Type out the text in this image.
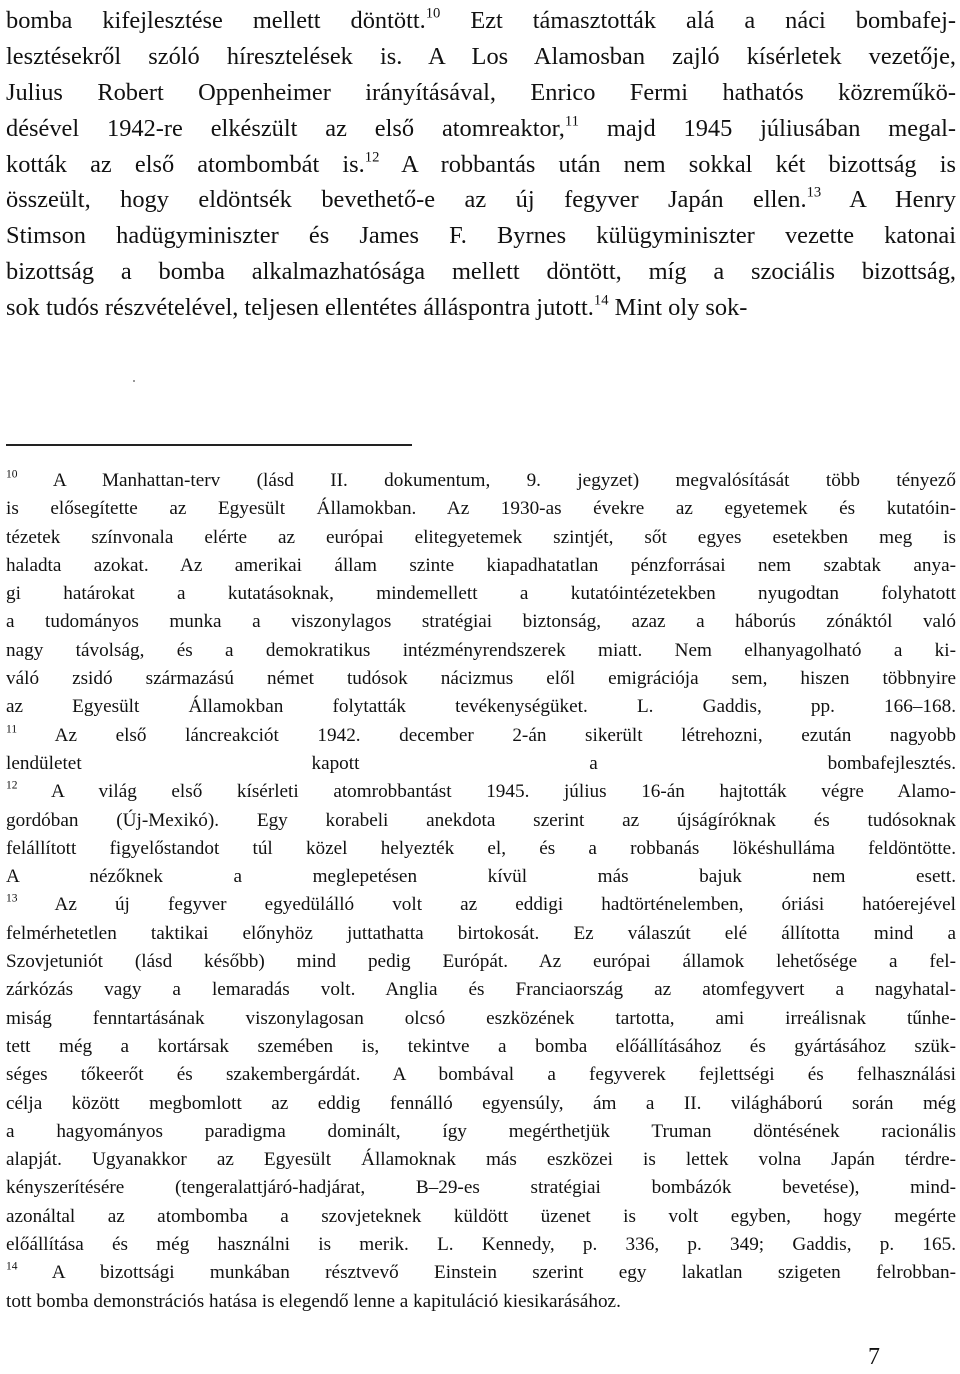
bomba kifejlesztése mellett döntött.$^{10}$ Ezt támasztották alá a náci bombafej-
lesztésekről szóló híresztelések is. A Los Alamosban zajló kísérletek vezetője,
Julius Robert Oppenheimer irányításával, Enrico Fermi hathatós közreműkö-
désével 1942-re elkészült az első atomreaktor,$^{11}$ majd 1945 júliusában megal-
kották az első atombombát is.$^{12}$ A robbantás után nem sokkal két bizottság is
összeült, hogy eldöntsék bevethető-e az új fegyver Japán ellen.$^{13}$ A Henry
Stimson hadügyminiszter és James F. Byrnes külügyminiszter vezette katonai
bizottság a bomba alkalmazhatósága mellett döntött, míg a szociális bizottság,
sok tudós részvételével, teljesen ellentétes álláspontra jutott.$^{14}$ Mint oly sok-
$^{10}$ A Manhattan-terv (lásd II. dokumentum, 9. jegyzet) megvalósítását több tényező
is elősegítette az Egyesült Államokban. Az 1930-as évekre az egyetemek és kutatóin-
tézetek színvonala elérte az európai elitegyetemek szintjét, sőt egyes esetekben meg is
haladta azokat. Az amerikai állam szinte kiapadhatatlan pénzforrásai nem szabtak anya-
gi határokat a kutatásoknak, mindemellett a kutatóintézetekben nyugodtan folyhatott
a tudományos munka a viszonylagos stratégiai biztonság, azaz a háborús zónáktól való
nagy távolság, és a demokratikus intézményrendszerek miatt. Nem elhanyagolható a ki-
váló zsidó származású német tudósok nácizmus elől emigrációja sem, hiszen többnyire
az Egyesült Államokban folytatták tevékenységüket. L. Gaddis, pp. 166–168.
$^{11}$ Az első láncreakciót 1942. december 2-án sikerült létrehozni, ezután nagyobb
lendületet kapott a bombafejlesztés.
$^{12}$ A világ első kísérleti atomrobbantást 1945. július 16-án hajtották végre Alamo-
gordóban (Új-Mexikó). Egy korabeli anekdota szerint az újságíróknak és tudósoknak
felállított figyelőstandot túl közel helyezték el, és a robbanás lökéshulláma feldöntötte.
A nézőknek a meglepetésen kívül más bajuk nem esett.
$^{13}$ Az új fegyver egyedülálló volt az eddigi hadtörténelemben, óriási hatóerejével
felmérhetetlen taktikai előnyhöz juttathatta birtokosát. Ez válaszút elé állította mind a
Szovjetuniót (lásd később) mind pedig Európát. Az európai államok lehetősége a fel-
zárkózás vagy a lemaradás volt. Anglia és Franciaország az atomfegyvert a nagyhatal-
miság fenntartásának viszonylagosan olcsó eszközének tartotta, ami irreálisnak tűnhe-
tett még a kortársak szemében is, tekintve a bomba előállításához és gyártásához szük-
séges tőkeerőt és szakembergárdát. A bombával a fegyverek fejlettségi és felhasználási
célja között megbomlott az eddig fennálló egyensúly, ám a II. világháború során még
a hagyományos paradigma dominált, így megérthetjük Truman döntésének racionális
alapját. Ugyanakkor az Egyesült Államoknak más eszközei is lettek volna Japán térdre-
kényszerítésére (tengeralattjáró-hadjárat, B–29-es stratégiai bombázók bevetése), mind-
azonáltal az atombomba a szovjeteknek küldött üzenet is volt egyben, hogy megérte
előállítása és még használni is merik. L. Kennedy, p. 336, p. 349; Gaddis, p. 165.
$^{14}$ A bizottsági munkában résztvevő Einstein szerint egy lakatlan szigeten felrobban-
tott bomba demonstrációs hatása is elegendő lenne a kapituláció kiesikarásához.
7
